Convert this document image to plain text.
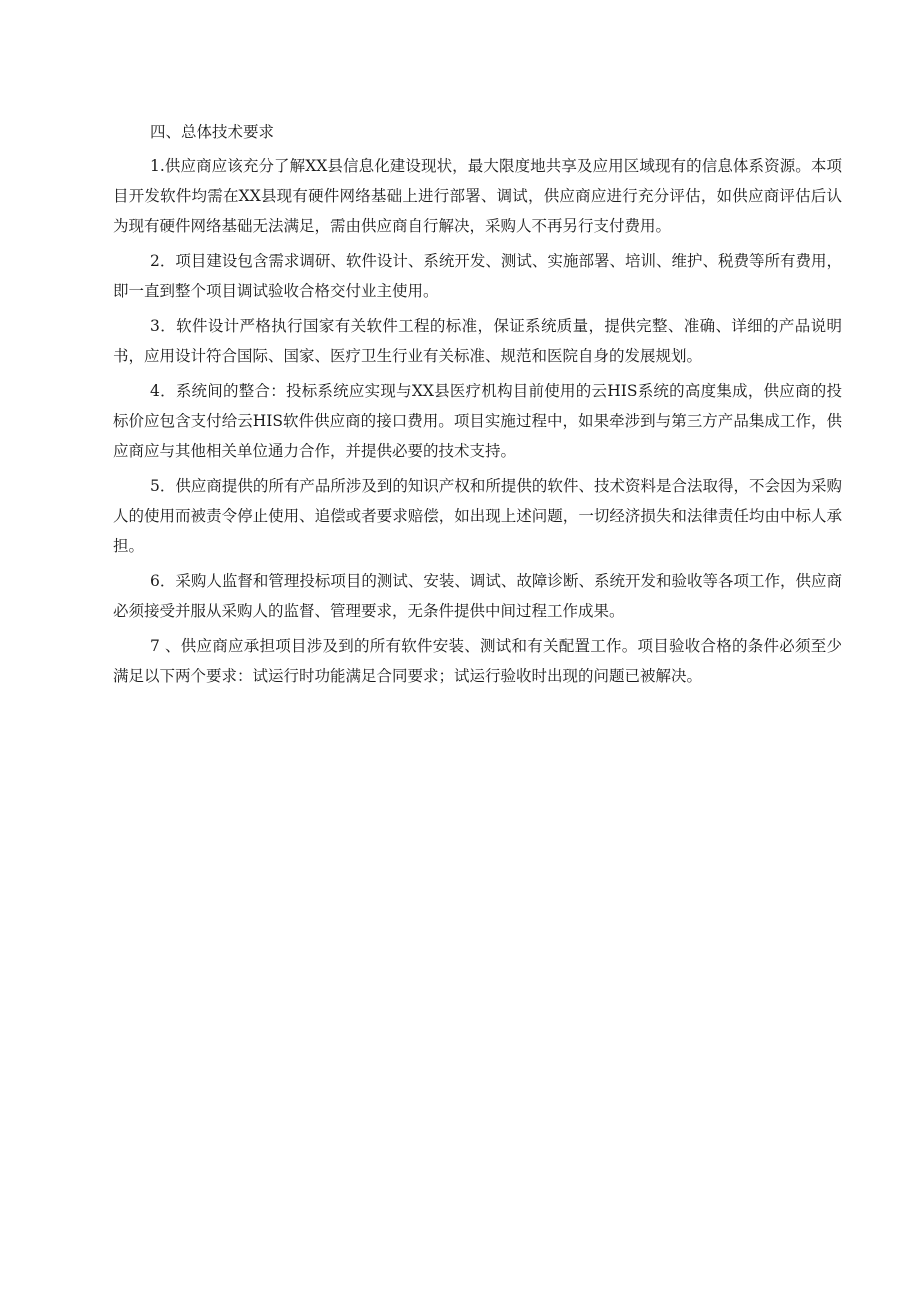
四、总体技术要求

1.供应商应该充分了解XX县信息化建设现状，最大限度地共享及应用区域现有的信息体系资源。本项目开发软件均需在XX县现有硬件网络基础上进行部署、调试，供应商应进行充分评估，如供应商评估后认为现有硬件网络基础无法满足，需由供应商自行解决，采购人不再另行支付费用。

2．项目建设包含需求调研、软件设计、系统开发、测试、实施部署、培训、维护、税费等所有费用，即一直到整个项目调试验收合格交付业主使用。

3．软件设计严格执行国家有关软件工程的标准，保证系统质量，提供完整、准确、详细的产品说明书，应用设计符合国际、国家、医疗卫生行业有关标准、规范和医院自身的发展规划。

4．系统间的整合：投标系统应实现与XX县医疗机构目前使用的云HIS系统的高度集成，供应商的投标价应包含支付给云HIS软件供应商的接口费用。项目实施过程中，如果牵涉到与第三方产品集成工作，供应商应与其他相关单位通力合作，并提供必要的技术支持。

5．供应商提供的所有产品所涉及到的知识产权和所提供的软件、技术资料是合法取得，不会因为采购人的使用而被责令停止使用、追偿或者要求赔偿，如出现上述问题，一切经济损失和法律责任均由中标人承担。

6．采购人监督和管理投标项目的测试、安装、调试、故障诊断、系统开发和验收等各项工作，供应商必须接受并服从采购人的监督、管理要求，无条件提供中间过程工作成果。

7 、供应商应承担项目涉及到的所有软件安装、测试和有关配置工作。项目验收合格的条件必须至少满足以下两个要求：试运行时功能满足合同要求；试运行验收时出现的问题已被解决。
